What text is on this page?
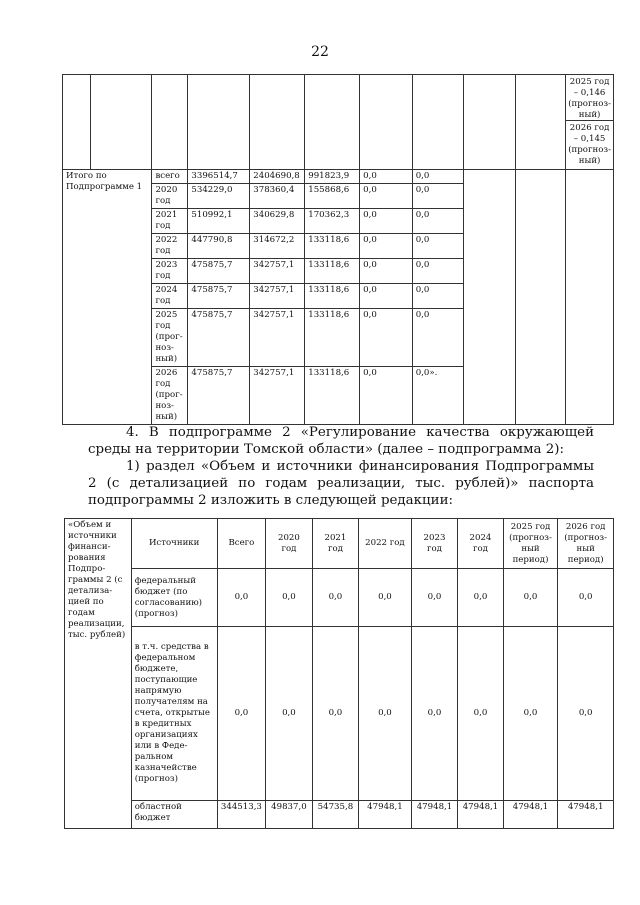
22

										2025 год – 0,146 (прогнозный)
2026 год – 0,145 (прогнозный)

Итого по Подпрограмме 1		всего	3396514,7	2404690,8	991823,9	0,0	0,0			
		2020 год	534229,0	378360,4	155868,6	0,0	0,0			
		2021 год	510992,1	340629,8	170362,3	0,0	0,0			
		2022 год	447790,8	314672,2	133118,6	0,0	0,0			
		2023 год	475875,7	342757,1	133118,6	0,0	0,0			
		2024 год	475875,7	342757,1	133118,6	0,0	0,0			
		2025 год (прогнозный)	475875,7	342757,1	133118,6	0,0	0,0			
		2026 год (прогнозный)	475875,7	342757,1	133118,6	0,0	0,0».			
4. В подпрограмме 2 «Регулирование качества окружающей среды на территории Томской области» (далее – подпрограмма 2):
1) раздел «Объем и источники финансирования Подпрограммы 2 (с детализацией по годам реализации, тыс. рублей)» паспорта подпрограммы 2 изложить в следующей редакции:
«Объем и источники финансирования Подпрограммы 2 (с детализацией по годам реализации, тыс. рублей)	Источники	Всего	2020 год	2021 год	2022 год	2023 год	2024 год	2025 год (прогнозный период)	2026 год (прогнозный период)
	федеральный бюджет (по согласованию) (прогноз)	0,0	0,0	0,0	0,0	0,0	0,0	0,0	0,0
	в т.ч. средства в федеральном бюджете, поступающие напрямую получателям на счета, открытые в кредитных организациях или в Федеральном казначействе (прогноз)	0,0	0,0	0,0	0,0	0,0	0,0	0,0	0,0
	областной бюджет	344513,3	49837,0	54735,8	47948,1	47948,1	47948,1	47948,1	47948,1
